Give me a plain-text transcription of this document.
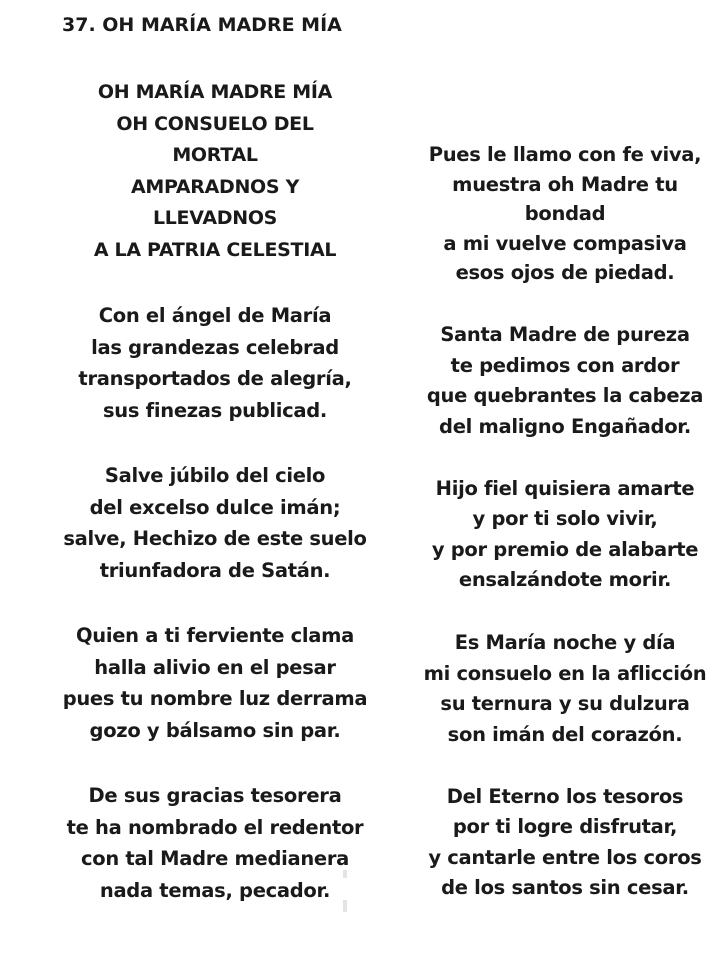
37. OH MARÍA MADRE MÍA
OH MARÍA MADRE MÍA
OH CONSUELO DEL
MORTAL
AMPARADNOS Y
LLEVADNOS
A LA PATRIA CELESTIAL
Con el ángel de María
las grandezas celebrad
transportados de alegría,
sus finezas publicad.
Salve júbilo del cielo
del excelso dulce imán;
salve, Hechizo de este suelo
triunfadora de Satán.
Quien a ti ferviente clama
halla alivio en el pesar
pues tu nombre luz derrama
gozo y bálsamo sin par.
De sus gracias tesorera
te ha nombrado el redentor
con tal Madre medianera
nada temas, pecador.
Pues le llamo con fe viva,
muestra oh Madre tu
bondad
a mi vuelve compasiva
esos ojos de piedad.
Santa Madre de pureza
te pedimos con ardor
que quebrantes la cabeza
del maligno Engañador.
Hijo fiel quisiera amarte
y por ti solo vivir,
y por premio de alabarte
ensalzándote morir.
Es María noche y día
mi consuelo en la aflicción
su ternura y su dulzura
son imán del corazón.
Del Eterno los tesoros
por ti logre disfrutar,
y cantarle entre los coros
de los santos sin cesar.
